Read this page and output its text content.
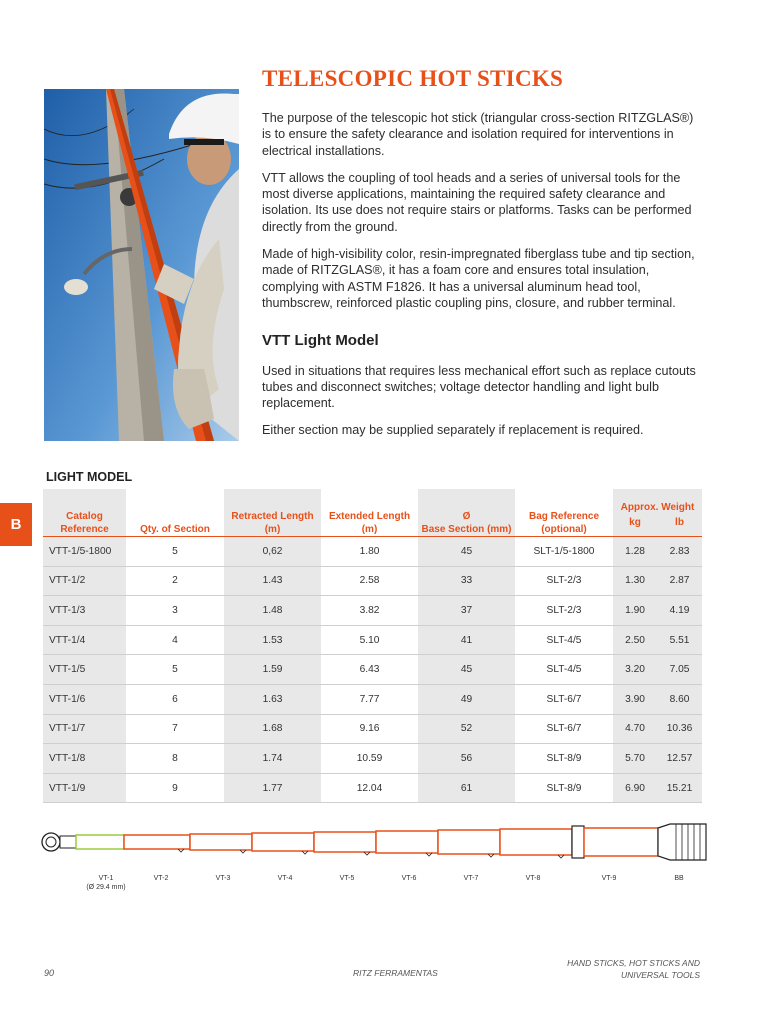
TELESCOPIC HOT STICKS

The purpose of the telescopic hot stick (triangular cross-section RITZGLAS®) is to ensure the safety clearance and isolation required for interventions in electrical installations.

VTT allows the coupling of tool heads and a series of universal tools for the most diverse applications, maintaining the required safety clearance and isolation. Its use does not require stairs or platforms. Tasks can be performed directly from the ground.

Made of high-visibility color, resin-impregnated fiberglass tube and tip section, made of RITZGLAS®, it has a foam core and ensures total insulation, complying with ASTM F1826. It has a universal aluminum head tool, thumbscrew, reinforced plastic coupling pins, closure, and rubber terminal.

VTT Light Model

Used in situations that requires less mechanical effort such as replace cutouts tubes and disconnect switches; voltage detector handling and light bulb replacement.

Either section may be supplied separately if replacement is required.

LIGHT MODEL
B	Catalog Reference	Qty. of Section	Retracted Length (m)	Extended Length (m)	Ø
Base Section (mm)	Bag Reference (optional)	Approx. Weight	
						kg	lb
VTT-1/5-1800	5	0,62	1.80	45	SLT-1/5-1800	1.28	2.83
VTT-1/2	2	1.43	2.58	33	SLT-2/3	1.30	2.87
VTT-1/3	3	1.48	3.82	37	SLT-2/3	1.90	4.19
VTT-1/4	4	1.53	5.10	41	SLT-4/5	2.50	5.51
VTT-1/5	5	1.59	6.43	45	SLT-4/5	3.20	7.05
VTT-1/6	6	1.63	7.77	49	SLT-6/7	3.90	8.60
VTT-1/7	7	1.68	9.16	52	SLT-6/7	4.70	10.36
VTT-1/8	8	1.74	10.59	56	SLT-8/9	5.70	12.57
VTT-1/9	9	1.77	12.04	61	SLT-8/9	6.90	15.21
VT-1
(Ø 29.4 mm)
VT-2	VT-3	VT-4	VT-5	VT-6	VT-7	VT-8	VT-9	BB
90	RITZ FERRAMENTAS
HAND STICKS, HOT STICKS AND
UNIVERSAL TOOLS
